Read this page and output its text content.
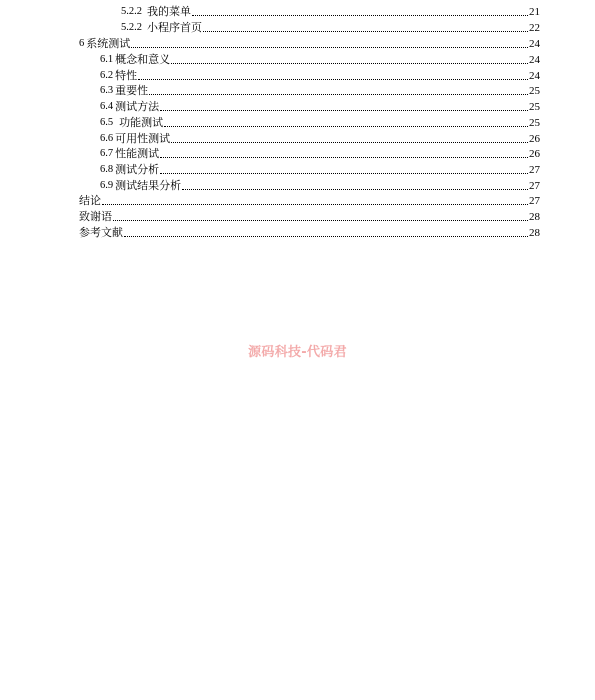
5.2.2 我的菜单	21
5.2.2 小程序首页	22
6 系统测试	24
6.1 概念和意义	24
6.2 特性	24
6.3 重要性	25
6.4 测试方法	25
6.5 功能测试	25
6.6 可用性测试	26
6.7 性能测试	26
6.8 测试分析	27
6.9 测试结果分析	27
结论	27
致谢语	28
参考文献	28
源码科技-代码君
